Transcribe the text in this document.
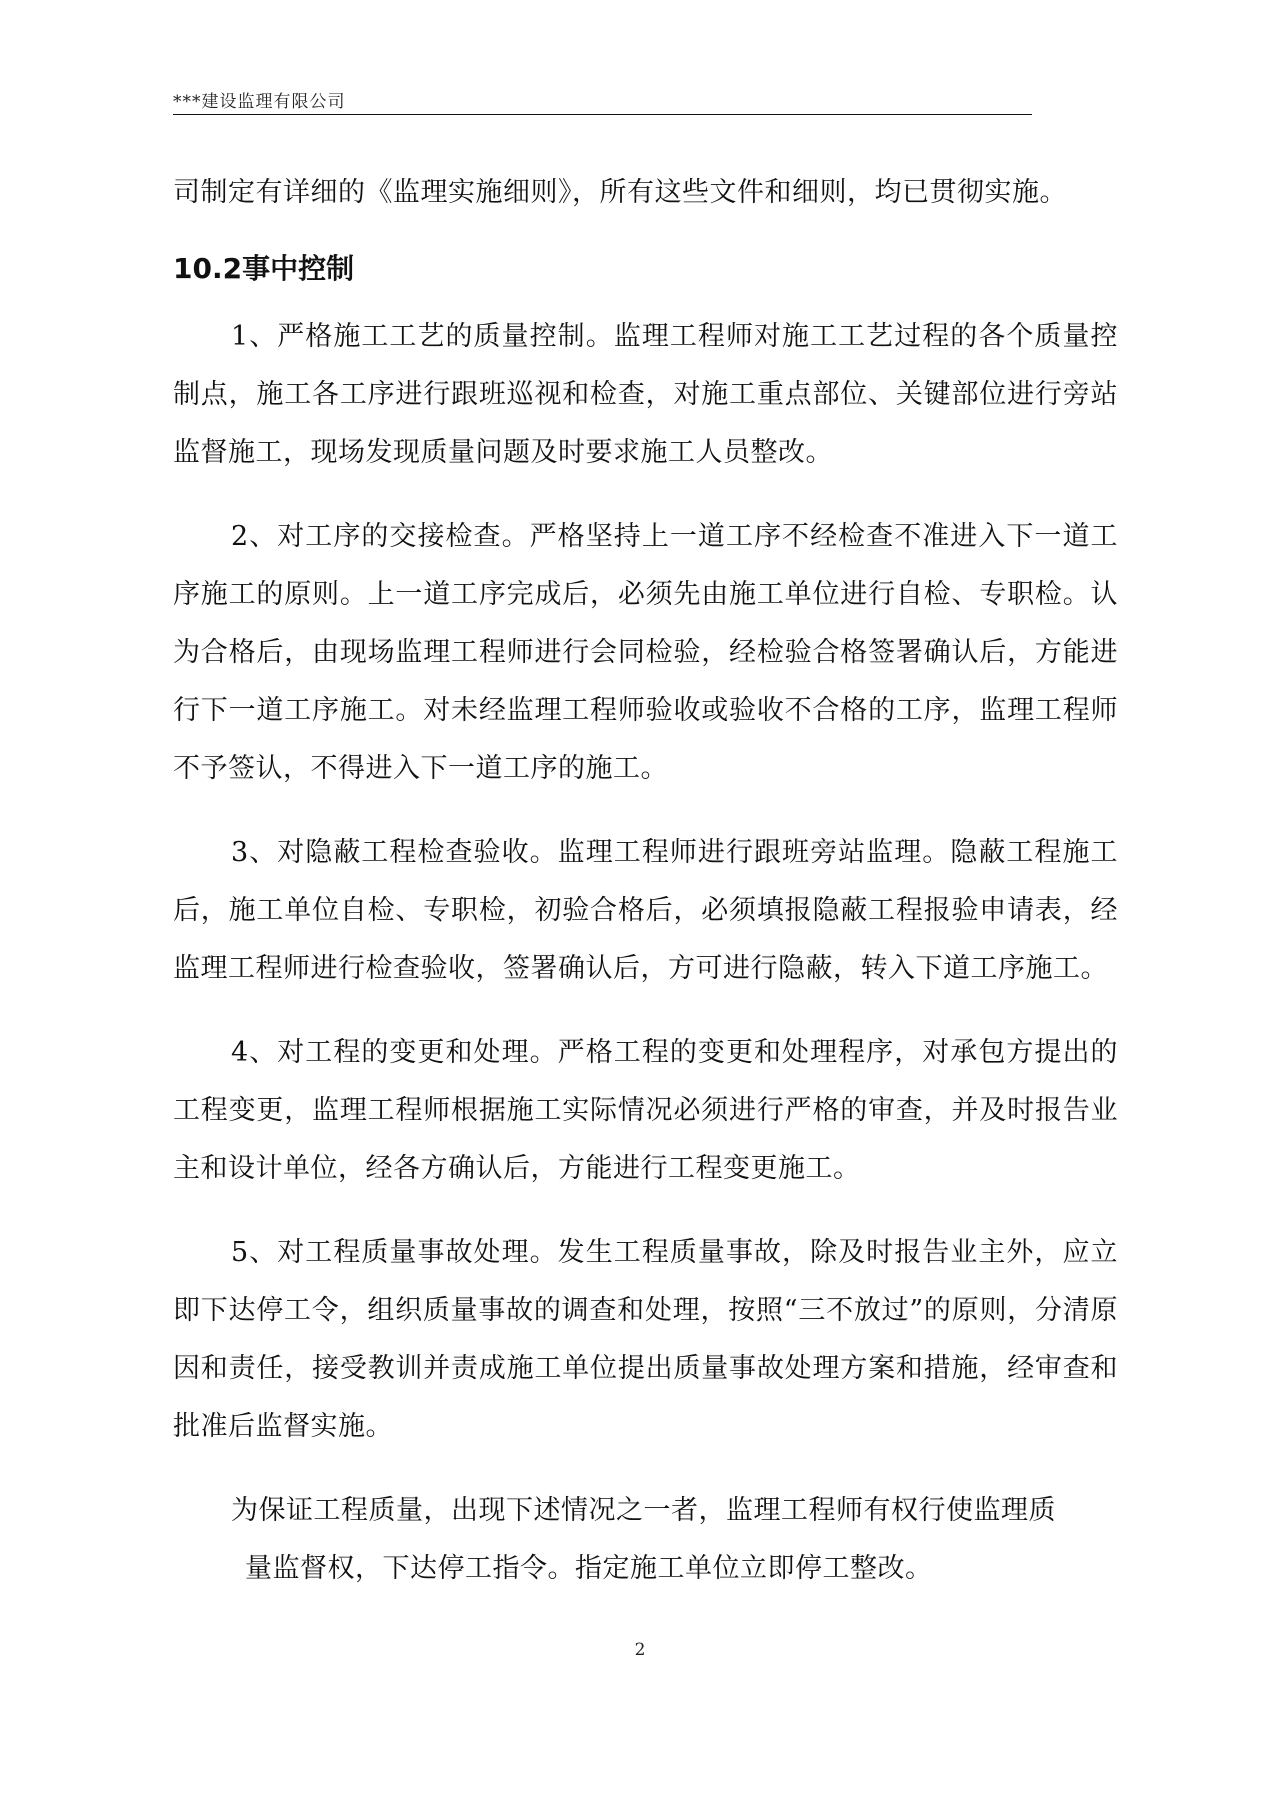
***建设监理有限公司

司制定有详细的《监理实施细则》，所有这些文件和细则，均已贯彻实施。

10.2事中控制

1、严格施工工艺的质量控制。监理工程师对施工工艺过程的各个质量控制点，施工各工序进行跟班巡视和检查，对施工重点部位、关键部位进行旁站监督施工，现场发现质量问题及时要求施工人员整改。

2、对工序的交接检查。严格坚持上一道工序不经检查不准进入下一道工序施工的原则。上一道工序完成后，必须先由施工单位进行自检、专职检。认为合格后，由现场监理工程师进行会同检验，经检验合格签署确认后，方能进行下一道工序施工。对未经监理工程师验收或验收不合格的工序，监理工程师不予签认，不得进入下一道工序的施工。

3、对隐蔽工程检查验收。监理工程师进行跟班旁站监理。隐蔽工程施工后，施工单位自检、专职检，初验合格后，必须填报隐蔽工程报验申请表，经监理工程师进行检查验收，签署确认后，方可进行隐蔽，转入下道工序施工。

4、对工程的变更和处理。严格工程的变更和处理程序，对承包方提出的工程变更，监理工程师根据施工实际情况必须进行严格的审查，并及时报告业主和设计单位，经各方确认后，方能进行工程变更施工。

5、对工程质量事故处理。发生工程质量事故，除及时报告业主外，应立即下达停工令，组织质量事故的调查和处理，按照“三不放过”的原则，分清原因和责任，接受教训并责成施工单位提出质量事故处理方案和措施，经审查和批准后监督实施。

为保证工程质量，出现下述情况之一者，监理工程师有权行使监理质

量监督权，下达停工指令。指定施工单位立即停工整改。

2
